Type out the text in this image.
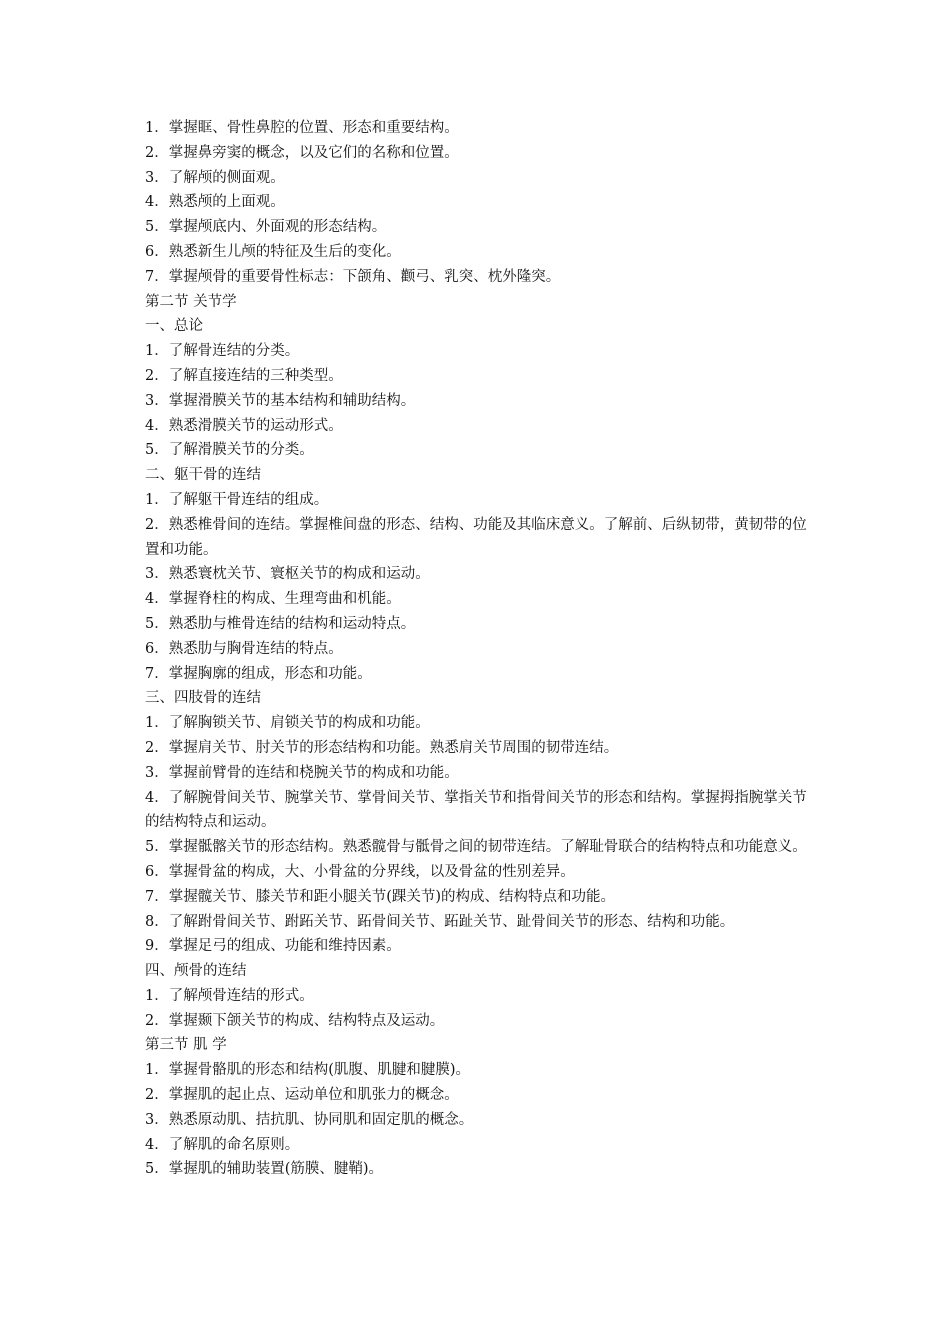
1．掌握眶、骨性鼻腔的位置、形态和重要结构。
2．掌握鼻旁窦的概念，以及它们的名称和位置。
3．了解颅的侧面观。
4．熟悉颅的上面观。
5．掌握颅底内、外面观的形态结构。
6．熟悉新生儿颅的特征及生后的变化。
7．掌握颅骨的重要骨性标志：下颌角、颧弓、乳突、枕外隆突。
第二节 关节学
一、总论
1．了解骨连结的分类。
2．了解直接连结的三种类型。
3．掌握滑膜关节的基本结构和辅助结构。
4．熟悉滑膜关节的运动形式。
5．了解滑膜关节的分类。
二、躯干骨的连结
1．了解躯干骨连结的组成。
2．熟悉椎骨间的连结。掌握椎间盘的形态、结构、功能及其临床意义。了解前、后纵韧带，黄韧带的位置和功能。
3．熟悉寰枕关节、寰枢关节的构成和运动。
4．掌握脊柱的构成、生理弯曲和机能。
5．熟悉肋与椎骨连结的结构和运动特点。
6．熟悉肋与胸骨连结的特点。
7．掌握胸廓的组成，形态和功能。
三、四肢骨的连结
1．了解胸锁关节、肩锁关节的构成和功能。
2．掌握肩关节、肘关节的形态结构和功能。熟悉肩关节周围的韧带连结。
3．掌握前臂骨的连结和桡腕关节的构成和功能。
4．了解腕骨间关节、腕掌关节、掌骨间关节、掌指关节和指骨间关节的形态和结构。掌握拇指腕掌关节的结构特点和运动。
5．掌握骶髂关节的形态结构。熟悉髋骨与骶骨之间的韧带连结。了解耻骨联合的结构特点和功能意义。
6．掌握骨盆的构成，大、小骨盆的分界线，以及骨盆的性别差异。
7．掌握髋关节、膝关节和距小腿关节(踝关节)的构成、结构特点和功能。
8．了解跗骨间关节、跗跖关节、跖骨间关节、跖趾关节、趾骨间关节的形态、结构和功能。
9．掌握足弓的组成、功能和维持因素。
四、颅骨的连结
1．了解颅骨连结的形式。
2．掌握颞下颌关节的构成、结构特点及运动。
第三节 肌 学
1．掌握骨骼肌的形态和结构(肌腹、肌腱和腱膜)。
2．掌握肌的起止点、运动单位和肌张力的概念。
3．熟悉原动肌、拮抗肌、协同肌和固定肌的概念。
4．了解肌的命名原则。
5．掌握肌的辅助装置(筋膜、腱鞘)。
